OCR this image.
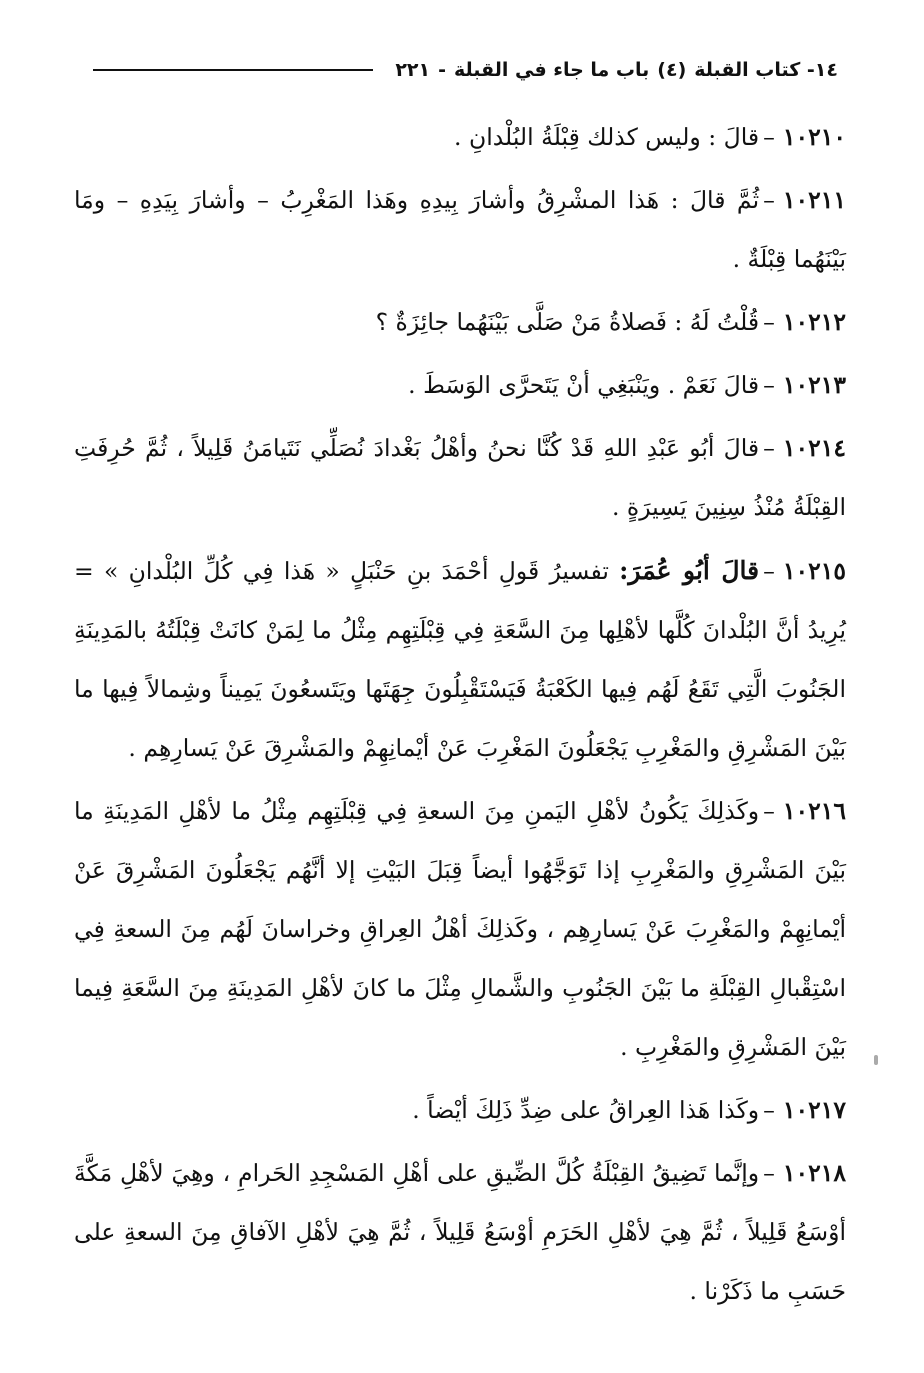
١٤- كتاب القبلة
(٤)
باب ما جاء في القبلة
-
٢٢١

١٠٢١٠–قالَ : وليس كذلك قِبْلَةُ البُلْدانِ .

١٠٢١١–ثُمَّ قالَ : هَذا المشْرِقُ وأشارَ بِيدِهِ وهَذا المَغْرِبُ – وأشارَ بِيَدِهِ – ومَا بَيْنَهُما قِبْلَةٌ .

١٠٢١٢–قُلْتُ لَهُ : فَصلاةُ مَنْ صَلَّى بَيْنَهُما جائِزَةٌ ؟

١٠٢١٣–قالَ نَعَمْ . ويَنْبَغِي أنْ يَتَحرَّى الوَسَطَ .

١٠٢١٤–قالَ أبُو عَبْدِ اللهِ قَدْ كُنَّا نحنُ وأهْلُ بَغْدادَ نُصَلِّي نَتَيامَنُ قَلِيلاً ، ثُمَّ حُرِفَتِ القِبْلَةُ مُنْذُ سِنِينَ يَسِيرَةٍ .

١٠٢١٥–قالَ أبُو عُمَرَ: تفسيرُ قَولِ أحْمَدَ بنِ حَنْبَلٍ « هَذا فِي كُلِّ البُلْدانِ » = يُرِيدُ أنَّ البُلْدانَ كُلَّها لأهْلِها مِنَ السَّعَةِ فِي قِبْلَتِهِم مِثْلُ ما لِمَنْ كانَتْ قِبْلَتُهُ بالمَدِينَةِ الجَنُوبَ الَّتِي تَقَعُ لَهُم فِيها الكَعْبَةُ فَيَسْتَقْبِلُونَ جِهَتَها ويَتَسعُونَ يَمِيناً وشِمالاً فِيها ما بَيْنَ المَشْرِقِ والمَغْرِبِ يَجْعَلُونَ المَغْرِبَ عَنْ أيْمانِهِمْ والمَشْرِقَ عَنْ يَسارِهِم .

١٠٢١٦–وكَذلِكَ يَكُونُ لأهْلِ اليَمنِ مِنَ السعةِ فِي قِبْلَتِهِم مِثْلُ ما لأهْلِ المَدِينَةِ ما بَيْنَ المَشْرِقِ والمَغْرِبِ إذا تَوَجَّهُوا أيضاً قِبَلَ البَيْتِ إلا أنَّهُم يَجْعَلُونَ المَشْرِقَ عَنْ أيْمانِهِمْ والمَغْرِبَ عَنْ يَسارِهِم ، وكَذلِكَ أهْلُ العِراقِ وخراسانَ لَهُم مِنَ السعةِ فِي اسْتِقْبالِ القِبْلَةِ ما بَيْنَ الجَنُوبِ والشَّمالِ مِثْلَ ما كانَ لأهْلِ المَدِينَةِ مِنَ السَّعَةِ فِيما بَيْنَ المَشْرِقِ والمَغْرِبِ .

١٠٢١٧–وكَذا هَذا العِراقُ على ضِدِّ ذَلِكَ أيْضاً .

١٠٢١٨–وإنَّما تَضِيقُ القِبْلَةُ كُلَّ الضِّيقِ على أهْلِ المَسْجِدِ الحَرامِ ، وهِيَ لأهْلِ مَكَّةَ أوْسَعُ قَلِيلاً ، ثُمَّ هِيَ لأهْلِ الحَرَمِ أوْسَعُ قَلِيلاً ، ثُمَّ هِيَ لأهْلِ الآفاقِ مِنَ السعةِ على حَسَبِ ما ذَكَرْنا .
